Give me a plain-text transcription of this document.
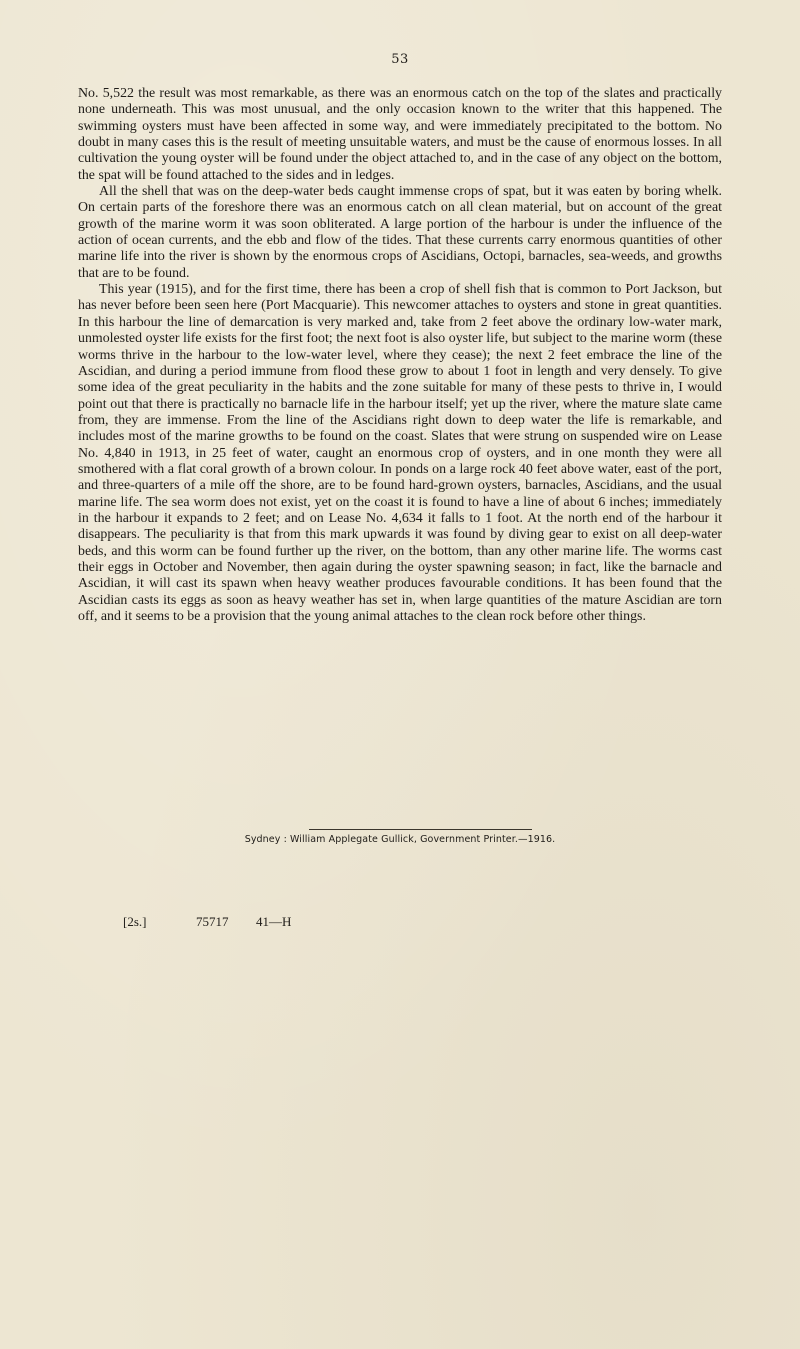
53

No. 5,522 the result was most remarkable, as there was an enormous catch on the top of the slates and practically none underneath. This was most unusual, and the only occasion known to the writer that this happened. The swimming oysters must have been affected in some way, and were immediately precipitated to the bottom. No doubt in many cases this is the result of meeting unsuitable waters, and must be the cause of enormous losses. In all cultivation the young oyster will be found under the object attached to, and in the case of any object on the bottom, the spat will be found attached to the sides and in ledges.

All the shell that was on the deep-water beds caught immense crops of spat, but it was eaten by boring whelk. On certain parts of the foreshore there was an enormous catch on all clean material, but on account of the great growth of the marine worm it was soon obliterated. A large portion of the harbour is under the influence of the action of ocean currents, and the ebb and flow of the tides. That these currents carry enormous quantities of other marine life into the river is shown by the enormous crops of Ascidians, Octopi, barnacles, sea-weeds, and growths that are to be found.

This year (1915), and for the first time, there has been a crop of shell fish that is common to Port Jackson, but has never before been seen here (Port Macquarie). This newcomer attaches to oysters and stone in great quantities. In this harbour the line of demarcation is very marked and, take from 2 feet above the ordinary low-water mark, unmolested oyster life exists for the first foot; the next foot is also oyster life, but subject to the marine worm (these worms thrive in the harbour to the low-water level, where they cease); the next 2 feet embrace the line of the Ascidian, and during a period immune from flood these grow to about 1 foot in length and very densely. To give some idea of the great peculiarity in the habits and the zone suitable for many of these pests to thrive in, I would point out that there is practically no barnacle life in the harbour itself; yet up the river, where the mature slate came from, they are immense. From the line of the Ascidians right down to deep water the life is remarkable, and includes most of the marine growths to be found on the coast. Slates that were strung on suspended wire on Lease No. 4,840 in 1913, in 25 feet of water, caught an enormous crop of oysters, and in one month they were all smothered with a flat coral growth of a brown colour. In ponds on a large rock 40 feet above water, east of the port, and three-quarters of a mile off the shore, are to be found hard-grown oysters, barnacles, Ascidians, and the usual marine life. The sea worm does not exist, yet on the coast it is found to have a line of about 6 inches; immediately in the harbour it expands to 2 feet; and on Lease No. 4,634 it falls to 1 foot. At the north end of the harbour it disappears. The peculiarity is that from this mark upwards it was found by diving gear to exist on all deep-water beds, and this worm can be found further up the river, on the bottom, than any other marine life. The worms cast their eggs in October and November, then again during the oyster spawning season; in fact, like the barnacle and Ascidian, it will cast its spawn when heavy weather produces favourable conditions. It has been found that the Ascidian casts its eggs as soon as heavy weather has set in, when large quantities of the mature Ascidian are torn off, and it seems to be a provision that the young animal attaches to the clean rock before other things.

Sydney : William Applegate Gullick, Government Printer.—1916.
[2s.]	75717 41—H
